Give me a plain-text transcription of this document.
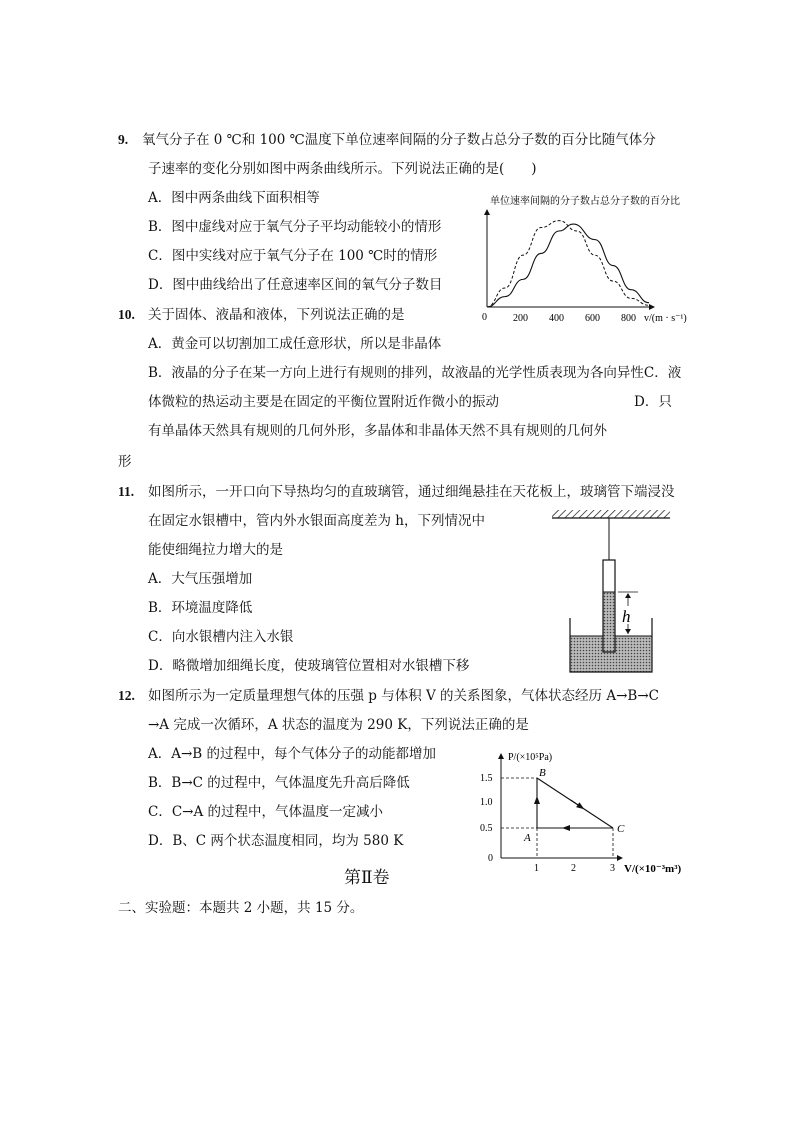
9. 氧气分子在 0 ℃和 100 ℃温度下单位速率间隔的分子数占总分子数的百分比随气体分
子速率的变化分别如图中两条曲线所示。下列说法正确的是(　　)
A．图中两条曲线下面积相等
B．图中虚线对应于氧气分子平均动能较小的情形
C．图中实线对应于氧气分子在 100 ℃时的情形
D．图中曲线给出了任意速率区间的氧气分子数目
单位速率间隔的分子数占总分子数的百分比
0	200 400 600 800 v/(m · s⁻¹)
10. 关于固体、液晶和液体，下列说法正确的是
A．黄金可以切割加工成任意形状，所以是非晶体
B．液晶的分子在某一方向上进行有规则的排列，故液晶的光学性质表现为各向异性C．液
体微粒的热运动主要是在固定的平衡位置附近作微小的振动	D．只
有单晶体天然具有规则的几何外形，多晶体和非晶体天然不具有规则的几何外
形
11. 如图所示，一开口向下导热均匀的直玻璃管，通过细绳悬挂在天花板上，玻璃管下端浸没
在固定水银槽中，管内外水银面高度差为 h，下列情况中
能使细绳拉力增大的是
A．大气压强增加
B．环境温度降低
C．向水银槽内注入水银
D．略微增加细绳长度，使玻璃管位置相对水银槽下移
h
12. 如图所示为一定质量理想气体的压强 p 与体积 V 的关系图象，气体状态经历 A→B→C
→A 完成一次循环，A 状态的温度为 290 K，下列说法正确的是
A．A→B 的过程中，每个气体分子的动能都增加
B．B→C 的过程中，气体温度先升高后降低
C．C→A 的过程中，气体温度一定减小
D．B、C 两个状态温度相同，均为 580 K
P/(×10⁵Pa)
0
1.5
1.0
0.5
A
B
C
1	2	3 V/(×10⁻³m³)
第Ⅱ卷
二、实验题：本题共 2 小题，共 15 分。
